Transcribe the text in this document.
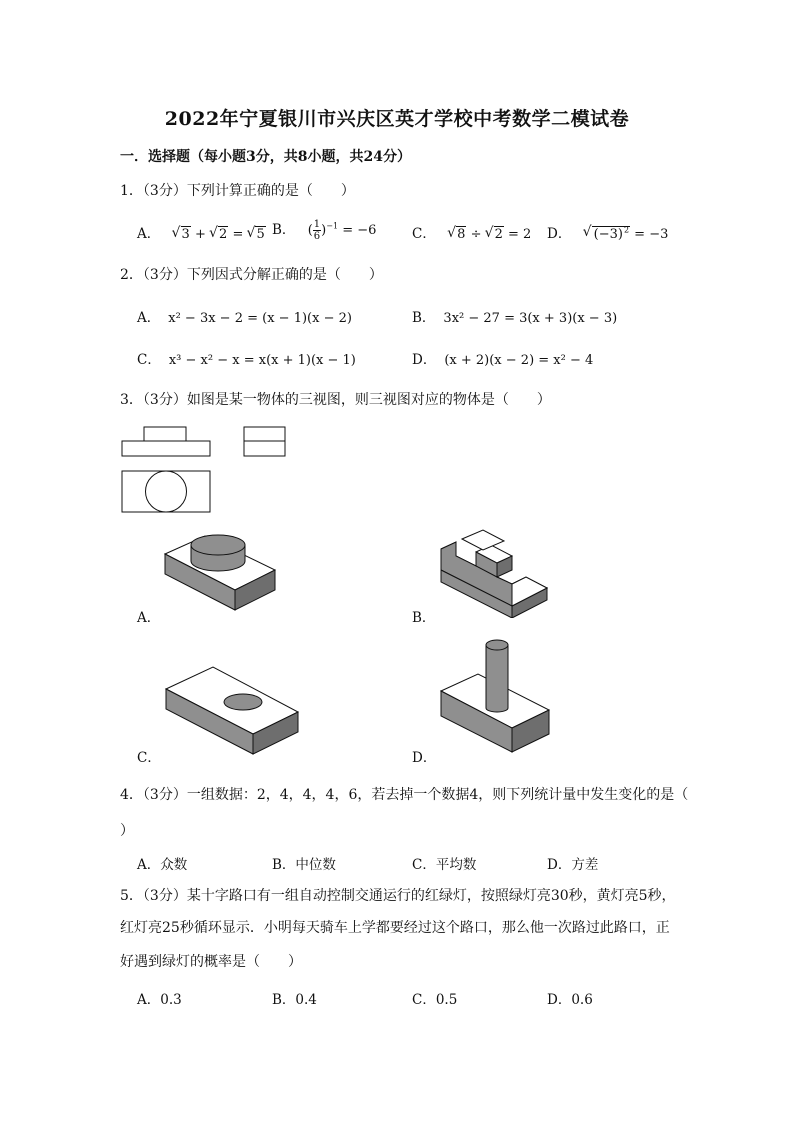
2022年宁夏银川市兴庆区英才学校中考数学二模试卷
一．选择题（每小题3分，共8小题，共24分）
1．（3分）下列计算正确的是（　　）
A． √ 3 + √ 2 = √ 5 B． ( $\frac{1}{6} )^{-1} = -6$	C． √ 8 ÷ √ 2 = 2 D． √ $(-3)^2 = -3$
2．（3分）下列因式分解正确的是（　　）
A． x² − 3x − 2 = (x − 1)(x − 2)	B． 3x² − 27 = 3(x + 3)(x − 3)
C． x³ − x² − x = x(x + 1)(x − 1)	D． (x + 2)(x − 2) = x² − 4
3．（3分）如图是某一物体的三视图，则三视图对应的物体是（　　）
A．	B．
C．	D．
4．（3分）一组数据：2，4，4，4，6，若去掉一个数据4，则下列统计量中发生变化的是（
）
A．众数	B．中位数	C．平均数	D．方差
5．（3分）某十字路口有一组自动控制交通运行的红绿灯，按照绿灯亮30秒，黄灯亮5秒，
红灯亮25秒循环显示．小明每天骑车上学都要经过这个路口，那么他一次路过此路口，正
好遇到绿灯的概率是（　　）
A．0.3	B．0.4	C．0.5	D．0.6
